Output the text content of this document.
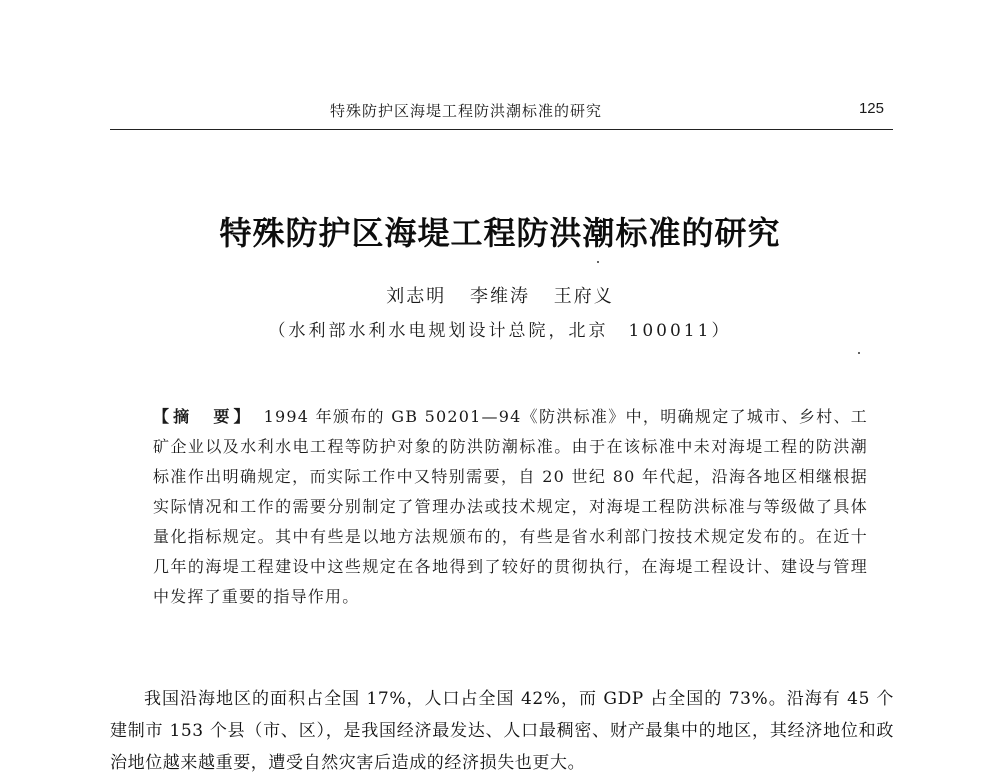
特殊防护区海堤工程防洪潮标准的研究	125
特殊防护区海堤工程防洪潮标准的研究
刘志明 李维涛 王府义
（水利部水利水电规划设计总院，北京　100011）
【摘　要】 1994 年颁布的 GB 50201—94《防洪标准》中，明确规定了城市、乡村、工矿企业以及水利水电工程等防护对象的防洪防潮标准。由于在该标准中未对海堤工程的防洪潮标准作出明确规定，而实际工作中又特别需要，自 20 世纪 80 年代起，沿海各地区相继根据实际情况和工作的需要分别制定了管理办法或技术规定，对海堤工程防洪标准与等级做了具体量化指标规定。其中有些是以地方法规颁布的，有些是省水利部门按技术规定发布的。在近十几年的海堤工程建设中这些规定在各地得到了较好的贯彻执行，在海堤工程设计、建设与管理中发挥了重要的指导作用。
我国沿海地区的面积占全国 17%，人口占全国 42%，而 GDP 占全国的 73%。沿海有 45 个建制市 153 个县（市、区），是我国经济最发达、人口最稠密、财产最集中的地区，其经济地位和政治地位越来越重要，遭受自然灾害后造成的经济损失也更大。
